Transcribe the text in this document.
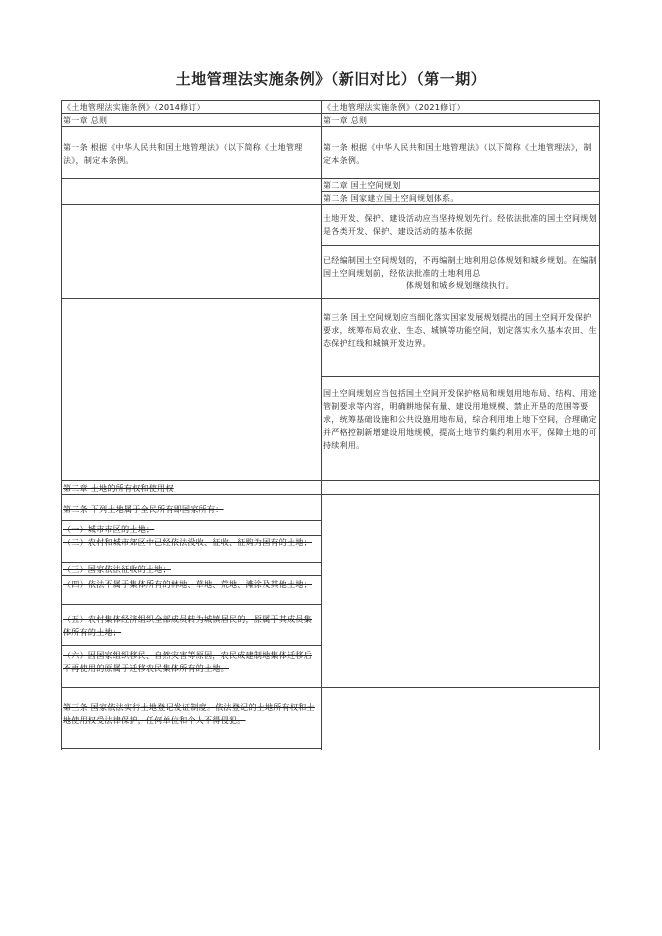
土地管理法实施条例》（新旧对比）（第一期）
《土地管理法实施条例》（2014修订）	《土地管理法实施条例》（2021修订）
第一章 总则	第一章 总则
第一条 根据《中华人民共和国土地管理法》（以下简称《土地管理法》，制定本条例。
第一条 根据《中华人民共和国土地管理法》（以下简称《土地管理法》，制定本条例。
第二章 国土空间规划
第二条 国家建立国土空间规划体系。
土地开发、保护、建设活动应当坚持规划先行。经依法批准的国土空间规划是各类开发、保护、建设活动的基本依据
已经编制国土空间规划的，不再编制土地利用总体规划和城乡规划。在编制国土空间规划前，经依法批准的土地利用总
体规划和城乡规划继续执行。
第三条 国土空间规划应当细化落实国家发展规划提出的国土空间开发保护要求，统筹布局农业、生态、城镇等功能空间，划定落实永久基本农田、生态保护红线和城镇开发边界。
国土空间规划应当包括国土空间开发保护格局和规划用地布局、结构、用途管制要求等内容，明确耕地保有量、建设用地规模、禁止开垦的范围等要求，统筹基础设施和公共设施用地布局，综合利用地上地下空间，合理确定并严格控制新增建设用地规模，提高土地节约集约利用水平，保障土地的可持续利用。
第二章 土地的所有权和使用权
第二条 下列土地属于全民所有即国家所有：
（一）城市市区的土地；
（二）农村和城市郊区中已经依法没收、征收、征购为国有的土地；
（三）国家依法征收的土地；
（四）依法不属于集体所有的林地、草地、荒地、滩涂及其他土地；
（五）农村集体经济组织全部成员转为城镇居民的，原属于其成员集体所有的土地；
（六）因国家组织移民、自然灾害等原因，农民成建制地集体迁移后不再使用的原属于迁移农民集体所有的土地。
第三条 国家依法实行土地登记发证制度。依法登记的土地所有权和土地使用权受法律保护，任何单位和个人不得侵犯。
